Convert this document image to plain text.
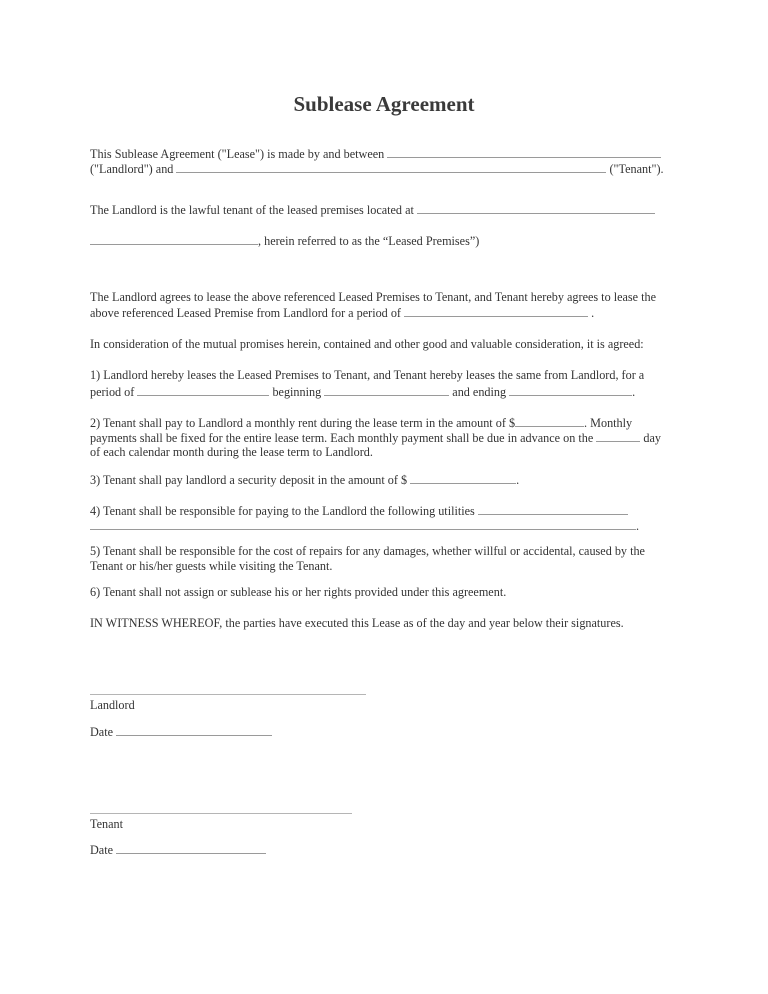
Sublease Agreement
This Sublease Agreement ("Lease") is made by and between
("Landlord") and	("Tenant").
The Landlord is the lawful tenant of the leased premises located at
, herein referred to as the “Leased Premises”)
The Landlord agrees to lease the above referenced Leased Premises to Tenant, and Tenant hereby agrees to lease the
above referenced Leased Premise from Landlord for a period of	.
In consideration of the mutual promises herein, contained and other good and valuable consideration, it is agreed:
1) Landlord hereby leases the Leased Premises to Tenant, and Tenant hereby leases the same from Landlord, for a
period of	beginning	and ending	.
2) Tenant shall pay to Landlord a monthly rent during the lease term in the amount of $	. Monthly
payments shall be fixed for the entire lease term. Each monthly payment shall be due in advance on the	day
of each calendar month during the lease term to Landlord.
3) Tenant shall pay landlord a security deposit in the amount of $	.
4) Tenant shall be responsible for paying to the Landlord the following utilities
.
5) Tenant shall be responsible for the cost of repairs for any damages, whether willful or accidental, caused by the
Tenant or his/her guests while visiting the Tenant.
6) Tenant shall not assign or sublease his or her rights provided under this agreement.
IN WITNESS WHEREOF, the parties have executed this Lease as of the day and year below their signatures.
Landlord
Date
Tenant
Date
